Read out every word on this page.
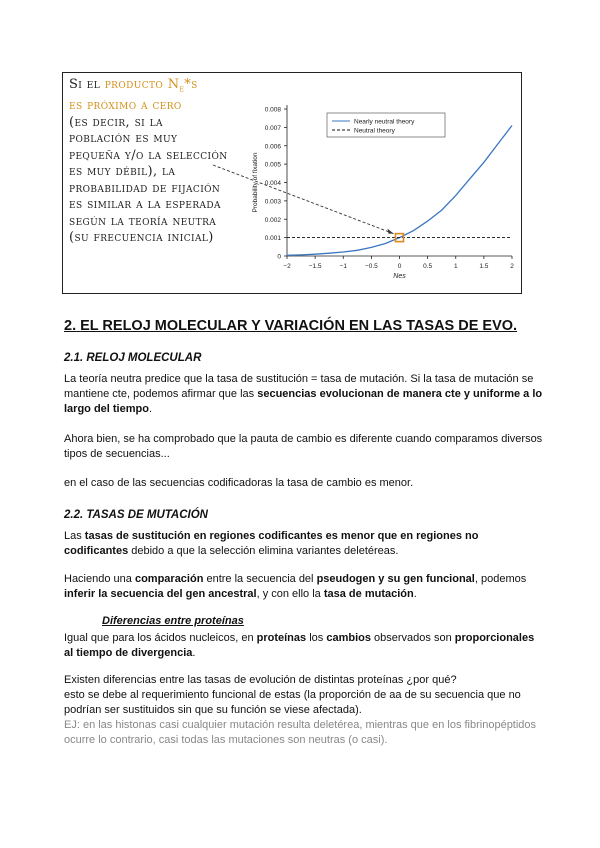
Si el producto $N_e*s$
es próximo a cero
(es decir, si la población es muy pequeña y/o la selección es muy débil), la probabilidad de fijación es similar a la esperada según la teoría neutra (su frecuencia inicial)
0
0.001
0.002
0.003
0.004
0.005
0.006
0.007
0.008
−2	−1.5	−1	−0.5	0	0.5	1	1.5	2
Nes
Probability of fixation
Nearly neutral theory
Neutral theory
2. EL RELOJ MOLECULAR Y VARIACIÓN EN LAS TASAS DE EVO.
2.1. RELOJ MOLECULAR
La teoría neutra predice que la tasa de sustitución = tasa de mutación. Si la tasa de mutación se mantiene cte, podemos afirmar que las secuencias evolucionan de manera cte y uniforme a lo largo del tiempo.
Ahora bien, se ha comprobado que la pauta de cambio es diferente cuando comparamos diversos tipos de secuencias...
en el caso de las secuencias codificadoras la tasa de cambio es menor.
2.2. TASAS DE MUTACIÓN
Las tasas de sustitución en regiones codificantes es menor que en regiones no codificantes debido a que la selección elimina variantes deletéreas.
Haciendo una comparación entre la secuencia del pseudogen y su gen funcional, podemos inferir la secuencia del gen ancestral, y con ello la tasa de mutación.
Diferencias entre proteínas
Igual que para los ácidos nucleicos, en proteínas los cambios observados son proporcionales al tiempo de divergencia.
Existen diferencias entre las tasas de evolución de distintas proteínas ¿por qué?
esto se debe al requerimiento funcional de estas (la proporción de aa de su secuencia que no podrían ser sustituidos sin que su función se viese afectada).
EJ: en las histonas casi cualquier mutación resulta deletérea, mientras que en los fibrinopéptidos ocurre lo contrario, casi todas las mutaciones son neutras (o casi).
